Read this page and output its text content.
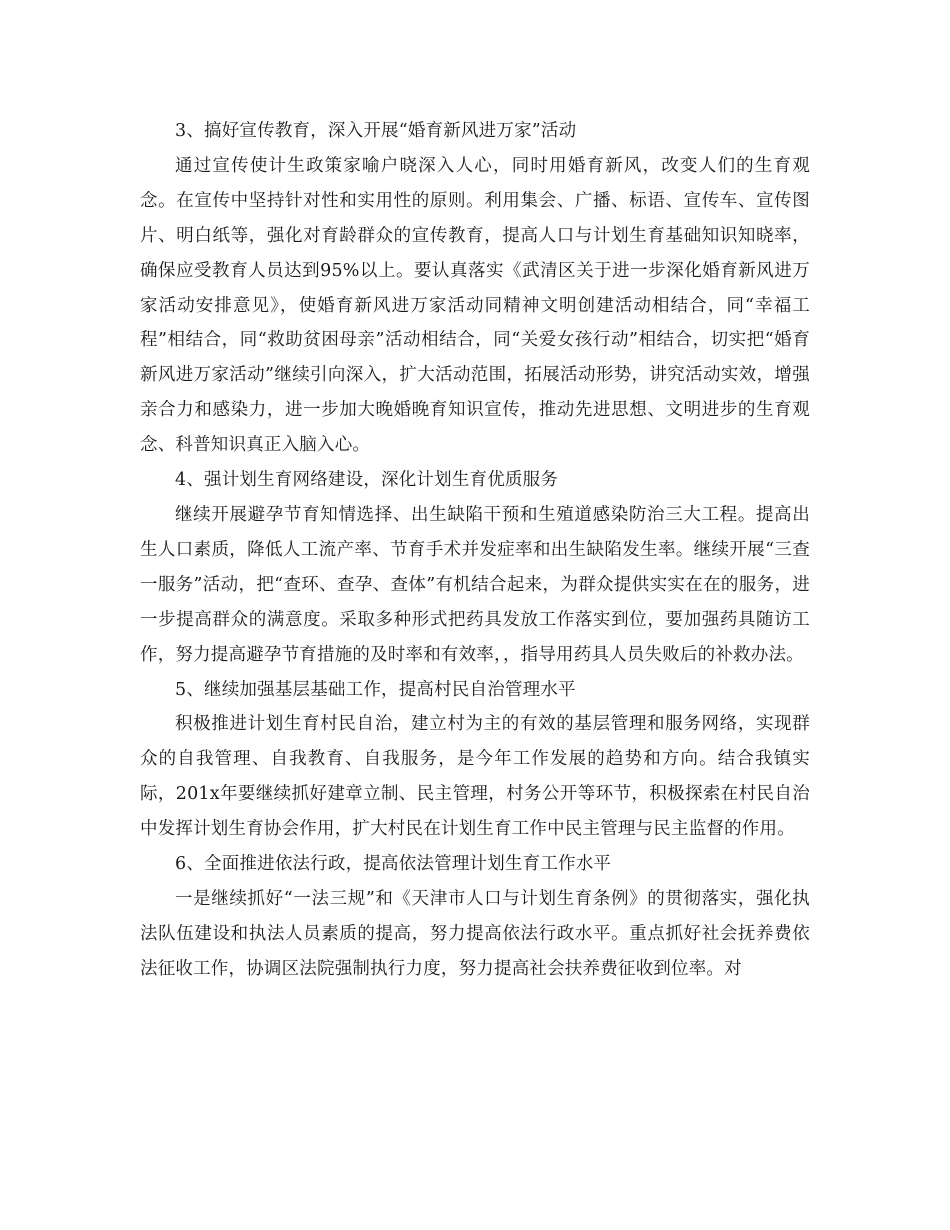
3、搞好宣传教育，深入开展“婚育新风进万家”活动

通过宣传使计生政策家喻户晓深入人心，同时用婚育新风，改变人们的生育观念。在宣传中坚持针对性和实用性的原则。利用集会、广播、标语、宣传车、宣传图片、明白纸等，强化对育龄群众的宣传教育，提高人口与计划生育基础知识知晓率，确保应受教育人员达到95%以上。要认真落实《武清区关于进一步深化婚育新风进万家活动安排意见》，使婚育新风进万家活动同精神文明创建活动相结合，同“幸福工程”相结合，同“救助贫困母亲”活动相结合，同“关爱女孩行动”相结合，切实把“婚育新风进万家活动”继续引向深入，扩大活动范围，拓展活动形势，讲究活动实效，增强亲合力和感染力，进一步加大晚婚晚育知识宣传，推动先进思想、文明进步的生育观念、科普知识真正入脑入心。

4、强计划生育网络建设，深化计划生育优质服务

继续开展避孕节育知情选择、出生缺陷干预和生殖道感染防治三大工程。提高出生人口素质，降低人工流产率、节育手术并发症率和出生缺陷发生率。继续开展“三查一服务”活动，把“查环、查孕、查体”有机结合起来，为群众提供实实在在的服务，进一步提高群众的满意度。采取多种形式把药具发放工作落实到位，要加强药具随访工作，努力提高避孕节育措施的及时率和有效率，，指导用药具人员失败后的补救办法。

5、继续加强基层基础工作，提高村民自治管理水平

积极推进计划生育村民自治，建立村为主的有效的基层管理和服务网络，实现群众的自我管理、自我教育、自我服务，是今年工作发展的趋势和方向。结合我镇实际，201x年要继续抓好建章立制、民主管理，村务公开等环节，积极探索在村民自治中发挥计划生育协会作用，扩大村民在计划生育工作中民主管理与民主监督的作用。

6、全面推进依法行政，提高依法管理计划生育工作水平

一是继续抓好“一法三规”和《天津市人口与计划生育条例》的贯彻落实，强化执法队伍建设和执法人员素质的提高，努力提高依法行政水平。重点抓好社会抚养费依法征收工作，协调区法院强制执行力度，努力提高社会扶养费征收到位率。对
